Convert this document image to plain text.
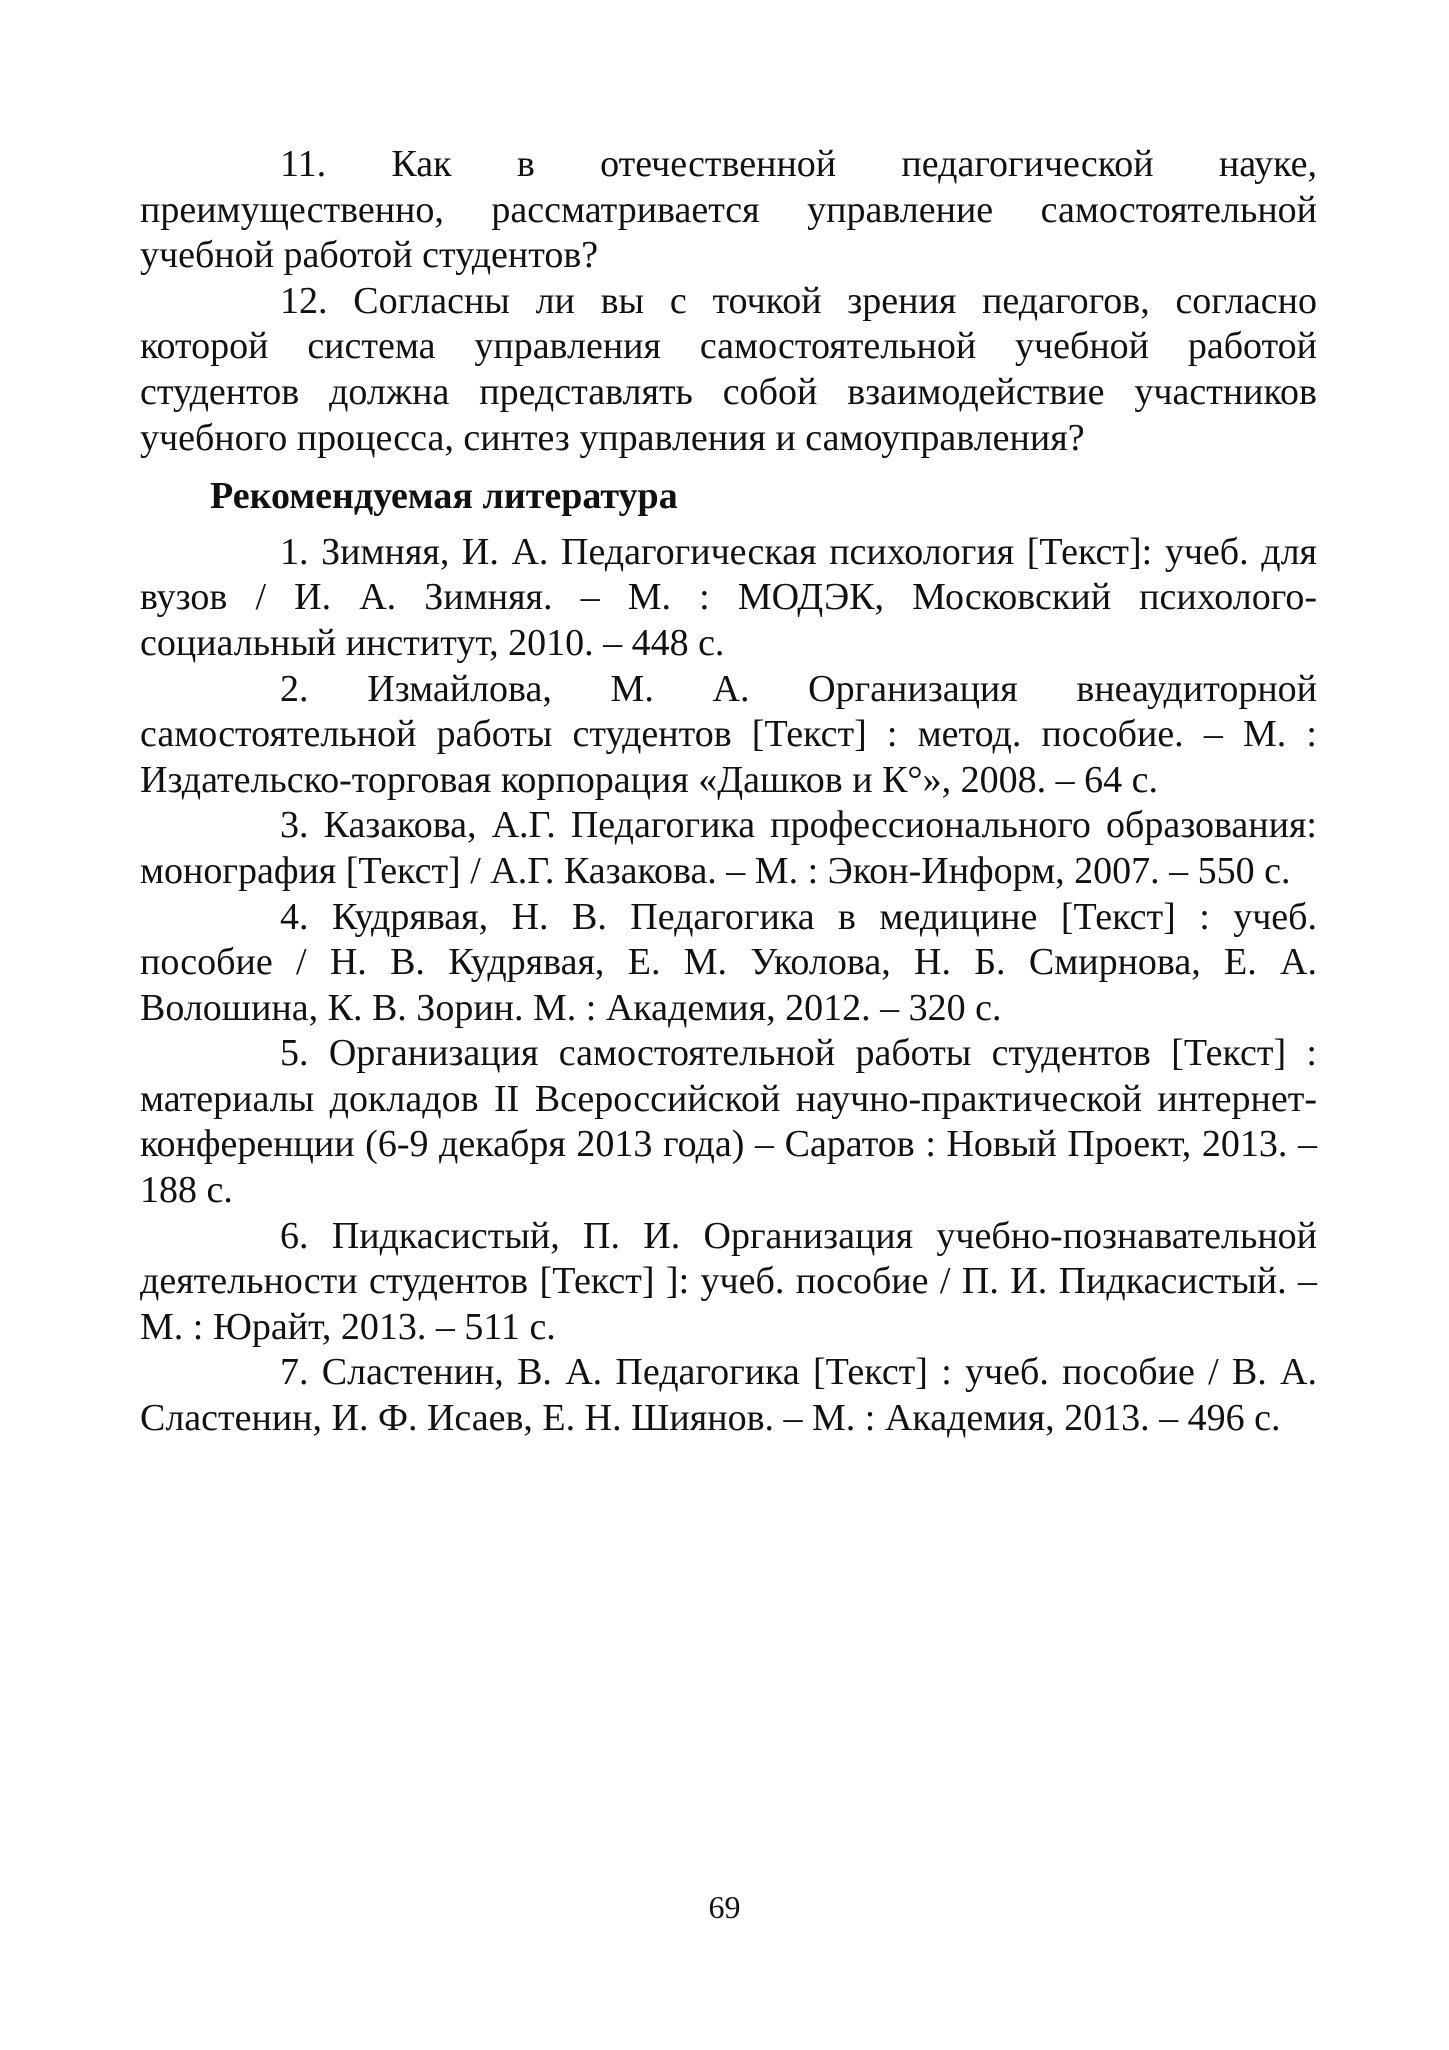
11. Как в отечественной педагогической науке, преимущественно, рассматривается управление самостоятельной учебной работой студентов?

12. Согласны ли вы с точкой зрения педагогов, согласно которой система управления самостоятельной учебной работой студентов должна представлять собой взаимодействие участников учебного процесса, синтез управления и самоуправления?

Рекомендуемая литература

1. Зимняя, И. А. Педагогическая психология [Текст]: учеб. для вузов / И. А. Зимняя. – М. : МОДЭК, Московский психолого-социальный институт, 2010. – 448 с.

2. Измайлова, М. А. Организация внеаудиторной самостоятельной работы студентов [Текст] : метод. пособие. – М. : Издательско-торговая корпорация «Дашков и К°», 2008. – 64 с.

3. Казакова, А.Г. Педагогика профессионального образования: монография [Текст] / А.Г. Казакова. – М. : Экон-Информ, 2007. – 550 с.

4. Кудрявая, Н. В. Педагогика в медицине [Текст] : учеб. пособие / Н. В. Кудрявая, Е. М. Уколова, Н. Б. Смирнова, Е. А. Волошина, К. В. Зорин. М. : Академия, 2012. – 320 с.

5. Организация самостоятельной работы студентов [Текст] : материалы докладов II Всероссийской научно-практической интернет-конференции (6-9 декабря 2013 года) – Саратов : Новый Проект, 2013. – 188 с.

6. Пидкасистый, П. И. Организация учебно-познавательной деятельности студентов [Текст] ]: учеб. пособие / П. И. Пидкасистый. – М. : Юрайт, 2013. – 511 с.

7. Сластенин, В. А. Педагогика [Текст] : учеб. пособие / В. А. Сластенин, И. Ф. Исаев, Е. Н. Шиянов. – М. : Академия, 2013. – 496 с.

69
